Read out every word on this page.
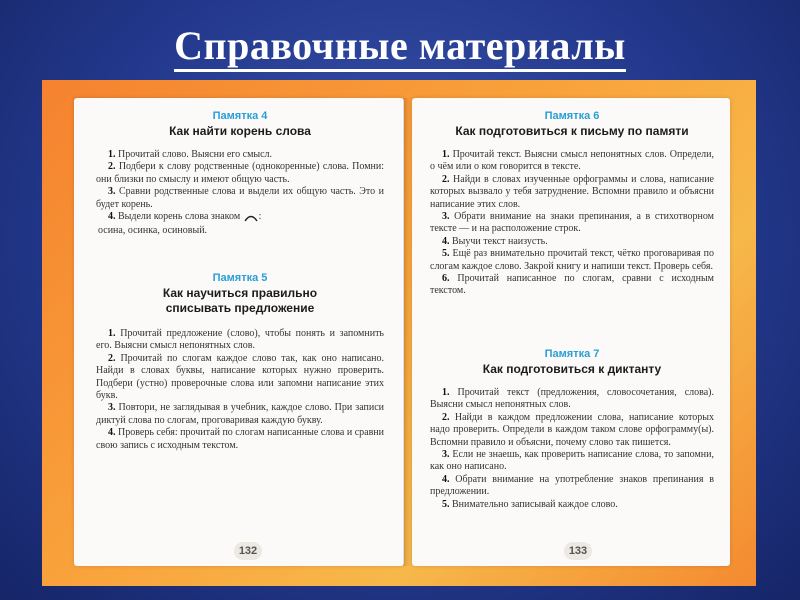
Справочные материалы
Памятка 4
Как найти корень слова

1. Прочитай слово. Выясни его смысл.

2. Подбери к слову родственные (однокоренные) слова. Помни: они близки по смыслу и имеют общую часть.

3. Сравни родственные слова и выдели их общую часть. Это и будет корень.

4. Выдели корень слова знаком :

осина, осинка, осиновый.
Памятка 5
Как научиться правильно
списывать предложение

1. Прочитай предложение (слово), чтобы понять и запомнить его. Выясни смысл непонятных слов.

2. Прочитай по слогам каждое слово так, как оно написано. Найди в словах буквы, написание которых нужно проверить. Подбери (устно) проверочные слова или запомни написание этих букв.

3. Повтори, не заглядывая в учебник, каждое слово. При записи диктуй слова по слогам, проговаривая каждую букву.

4. Проверь себя: прочитай по слогам написанные слова и сравни свою запись с исходным текстом.

132
Памятка 6
Как подготовиться к письму по памяти

1. Прочитай текст. Выясни смысл непонятных слов. Определи, о чём или о ком говорится в тексте.

2. Найди в словах изученные орфограммы и слова, написание которых вызвало у тебя затруднение. Вспомни правило и объясни написание этих слов.

3. Обрати внимание на знаки препинания, а в стихотворном тексте — и на расположение строк.

4. Выучи текст наизусть.

5. Ещё раз внимательно прочитай текст, чётко проговаривая по слогам каждое слово. Закрой книгу и напиши текст. Проверь себя.

6. Прочитай написанное по слогам, сравни с исходным текстом.

Памятка 7
Как подготовиться к диктанту

1. Прочитай текст (предложения, словосочетания, слова). Выясни смысл непонятных слов.

2. Найди в каждом предложении слова, написание которых надо проверить. Определи в каждом таком слове орфограмму(ы). Вспомни правило и объясни, почему слово так пишется.

3. Если не знаешь, как проверить написание слова, то запомни, как оно написано.

4. Обрати внимание на употребление знаков препинания в предложении.

5. Внимательно записывай каждое слово.

133
